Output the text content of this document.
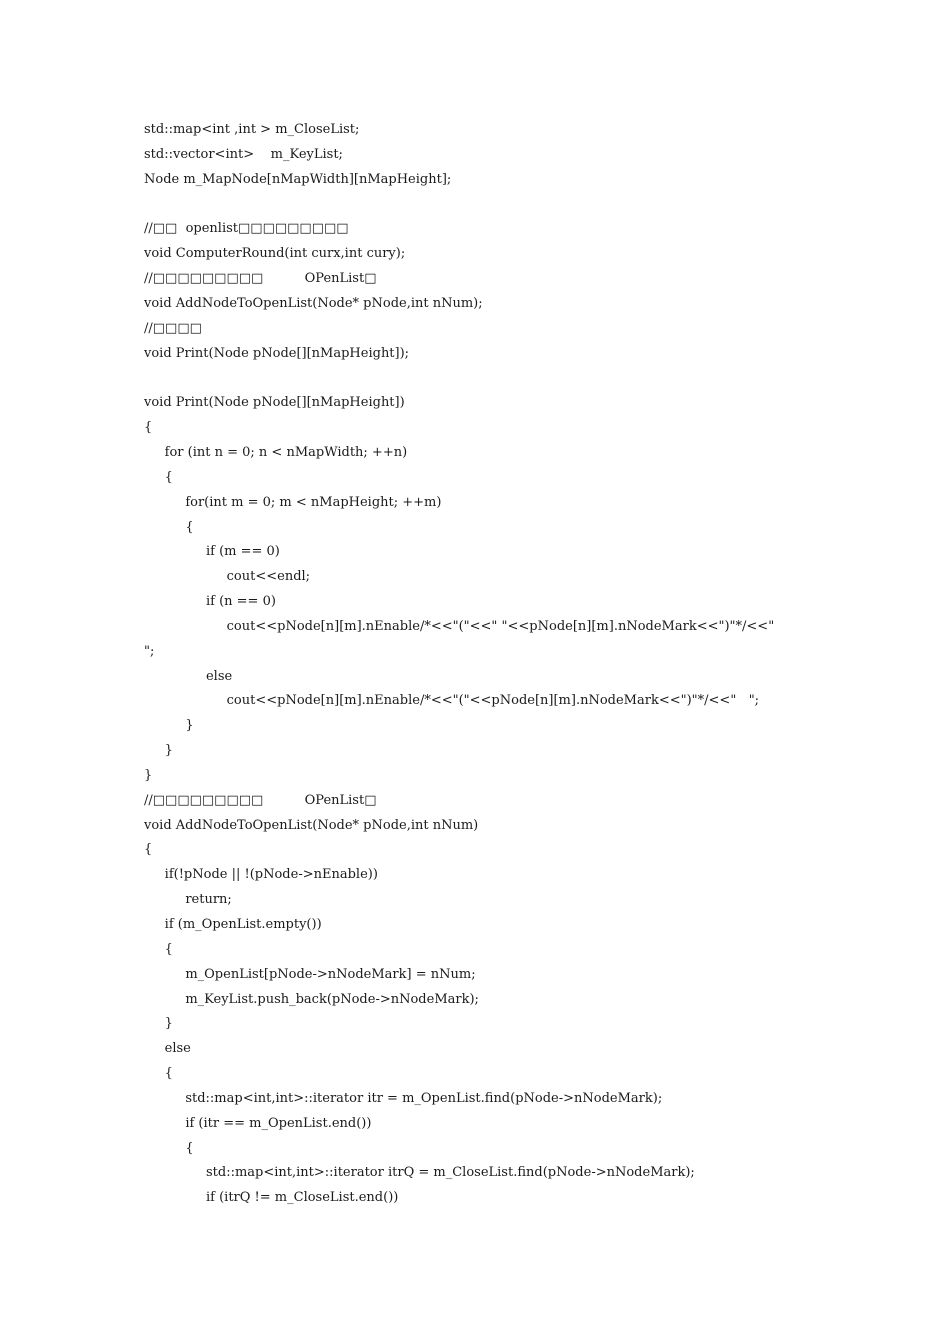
std::map<int ,int > m_CloseList;
std::vector<int>    m_KeyList;
Node m_MapNode[nMapWidth][nMapHeight];
//□□  openlist□□□□□□□□□
void ComputerRound(int curx,int cury);
//□□□□□□□□□          OPenList□
void AddNodeToOpenList(Node* pNode,int nNum);
//□□□□
void Print(Node pNode[][nMapHeight]);
void Print(Node pNode[][nMapHeight])
{
for (int n = 0; n < nMapWidth; ++n)
{
for(int m = 0; m < nMapHeight; ++m)
{
if (m == 0)
cout<<endl;
if (n == 0)
cout<<pNode[n][m].nEnable/*<<"("<<" "<<pNode[n][m].nNodeMark<<")"*/<<"
";
else
cout<<pNode[n][m].nEnable/*<<"("<<pNode[n][m].nNodeMark<<")"*/<<"   ";
}
}
}
//□□□□□□□□□          OPenList□
void AddNodeToOpenList(Node* pNode,int nNum)
{
if(!pNode || !(pNode->nEnable))
return;
if (m_OpenList.empty())
{
m_OpenList[pNode->nNodeMark] = nNum;
m_KeyList.push_back(pNode->nNodeMark);
}
else
{
std::map<int,int>::iterator itr = m_OpenList.find(pNode->nNodeMark);
if (itr == m_OpenList.end())
{
std::map<int,int>::iterator itrQ = m_CloseList.find(pNode->nNodeMark);
if (itrQ != m_CloseList.end())
